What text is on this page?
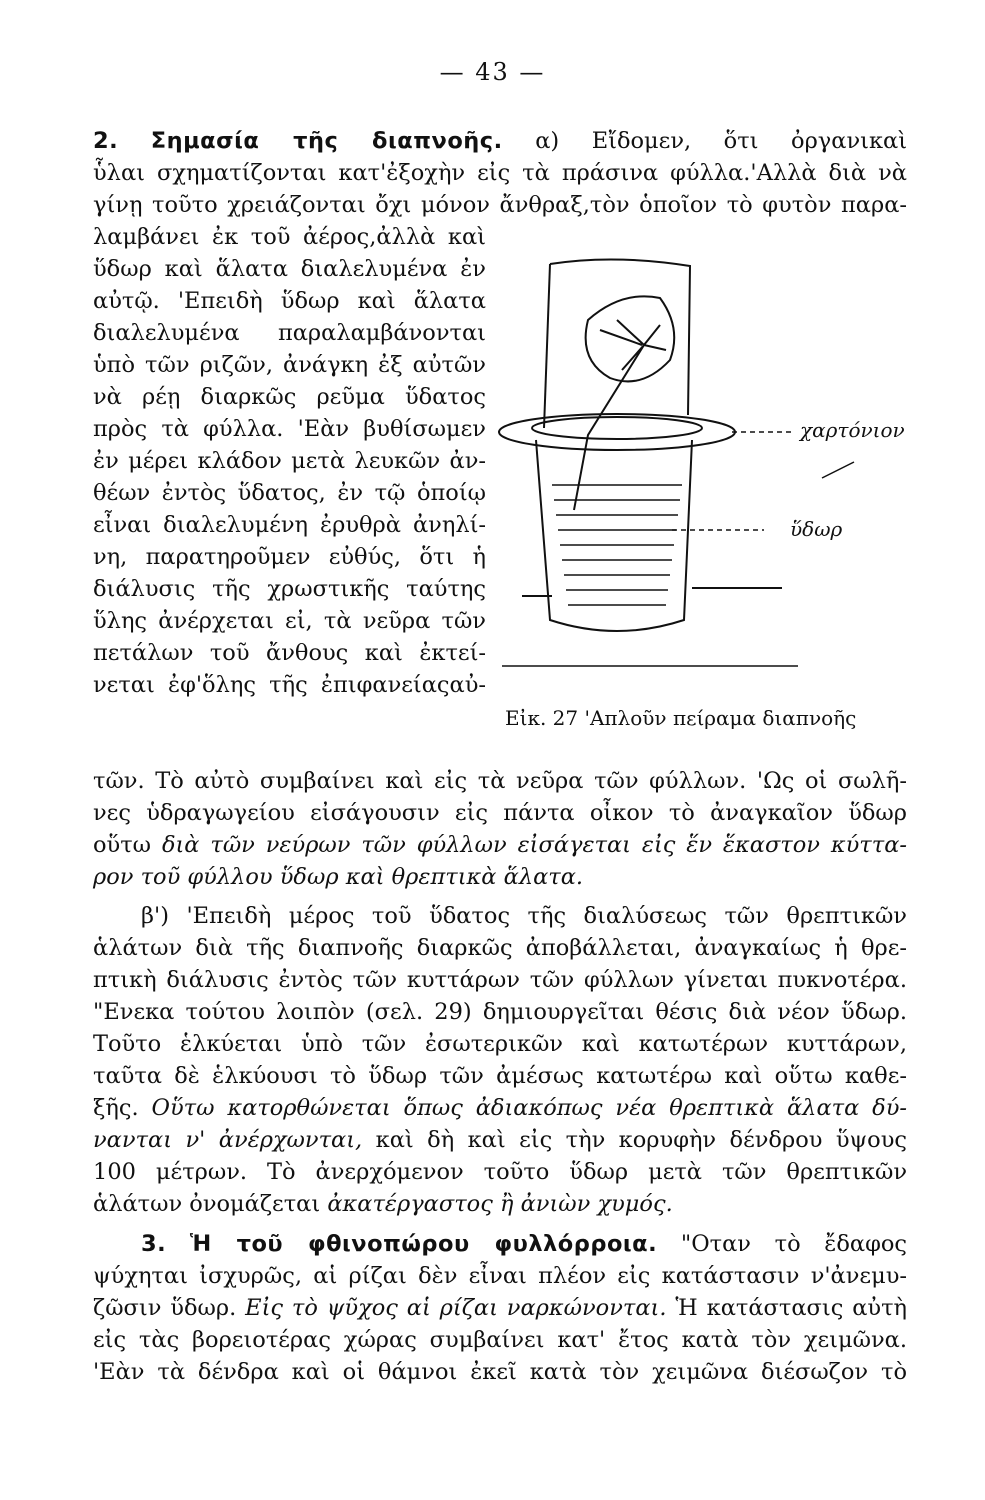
— 43 —
2. Σημασία τῆς διαπνοῆς. α) Εἴδομεν, ὅτι ὀργανικαὶ
ὗλαι σχηματίζονται κατ'ἐξοχὴν εἰς τὰ πράσινα φύλλα.'Αλλὰ διὰ νὰ
γίνῃ τοῦτο χρειάζονται ὄχι μόνον ἄνθραξ,τὸν ὁποῖον τὸ φυτὸν παρα-
λαμβάνει ἐκ τοῦ ἀέρος,ἀλλὰ καὶ
ὕδωρ καὶ ἅλατα διαλελυμένα ἐν
αὐτῷ. 'Επειδὴ ὕδωρ καὶ ἅλατα
διαλελυμένα παραλαμβάνονται
ὑπὸ τῶν ριζῶν, ἀνάγκη ἐξ αὐτῶν
νὰ ρέῃ διαρκῶς ρεῦμα ὕδατος
πρὸς τὰ φύλλα. 'Εὰν βυθίσωμεν
ἐν μέρει κλάδον μετὰ λευκῶν ἀν-
θέων ἐντὸς ὕδατος, ἐν τῷ ὁποίῳ
εἶναι διαλελυμένη ἐρυθρὰ ἀνηλί-
νη, παρατηροῦμεν εὐθύς, ὅτι ἡ
διάλυσις τῆς χρωστικῆς ταύτης
ὕλης ἀνέρχεται εἰ, τὰ νεῦρα τῶν
πετάλων τοῦ ἄνθους καὶ ἐκτεί-
νεται ἐφ'ὅλης τῆς ἐπιφανείαςαὐ-
χαρτόνιον
ὕδωρ
Εἰκ. 27 'Απλοῦν πείραμα διαπνοῆς
τῶν. Τὸ αὐτὸ συμβαίνει καὶ εἰς τὰ νεῦρα τῶν φύλλων. 'Ως οἱ σωλῆ-
νες ὑδραγωγείου εἰσάγουσιν εἰς πάντα οἶκον τὸ ἀναγκαῖον ὕδωρ
οὕτω διὰ τῶν νεύρων τῶν φύλλων εἰσάγεται εἰς ἕν ἕκαστον κύττα-
ρον τοῦ φύλλου ὕδωρ καὶ θρεπτικὰ ἅλατα.
β') 'Επειδὴ μέρος τοῦ ὕδατος τῆς διαλύσεως τῶν θρεπτικῶν
ἁλάτων διὰ τῆς διαπνοῆς διαρκῶς ἀποβάλλεται, ἀναγκαίως ἡ θρε-
πτικὴ διάλυσις ἐντὸς τῶν κυττάρων τῶν φύλλων γίνεται πυκνοτέρα.
"Ενεκα τούτου λοιπὸν (σελ. 29) δημιουργεῖται θέσις διὰ νέον ὕδωρ.
Τοῦτο ἑλκύεται ὑπὸ τῶν ἐσωτερικῶν καὶ κατωτέρων κυττάρων,
ταῦτα δὲ ἑλκύουσι τὸ ὕδωρ τῶν ἀμέσως κατωτέρω καὶ οὕτω καθε-
ξῆς. Οὕτω κατορθώνεται ὅπως ἀδιακόπως νέα θρεπτικὰ ἅλατα δύ-
νανται ν' ἀνέρχωνται, καὶ δὴ καὶ εἰς τὴν κορυφὴν δένδρου ὕψους
100 μέτρων. Τὸ ἀνερχόμενον τοῦτο ὕδωρ μετὰ τῶν θρεπτικῶν
ἁλάτων ὀνομάζεται ἀκατέργαστος ἢ ἀνιὼν χυμός.
3. Ἡ τοῦ φθινοπώρου φυλλόρροια. "Οταν τὸ ἔδαφος
ψύχηται ἰσχυρῶς, αἱ ρίζαι δὲν εἶναι πλέον εἰς κατάστασιν ν'ἀνεμυ-
ζῶσιν ὕδωρ. Εἰς τὸ ψῦχος αἱ ρίζαι ναρκώνονται. Ἡ κατάστασις αὐτὴ
εἰς τὰς βορειοτέρας χώρας συμβαίνει κατ' ἔτος κατὰ τὸν χειμῶνα.
'Εὰν τὰ δένδρα καὶ οἱ θάμνοι ἐκεῖ κατὰ τὸν χειμῶνα διέσωζον τὸ
